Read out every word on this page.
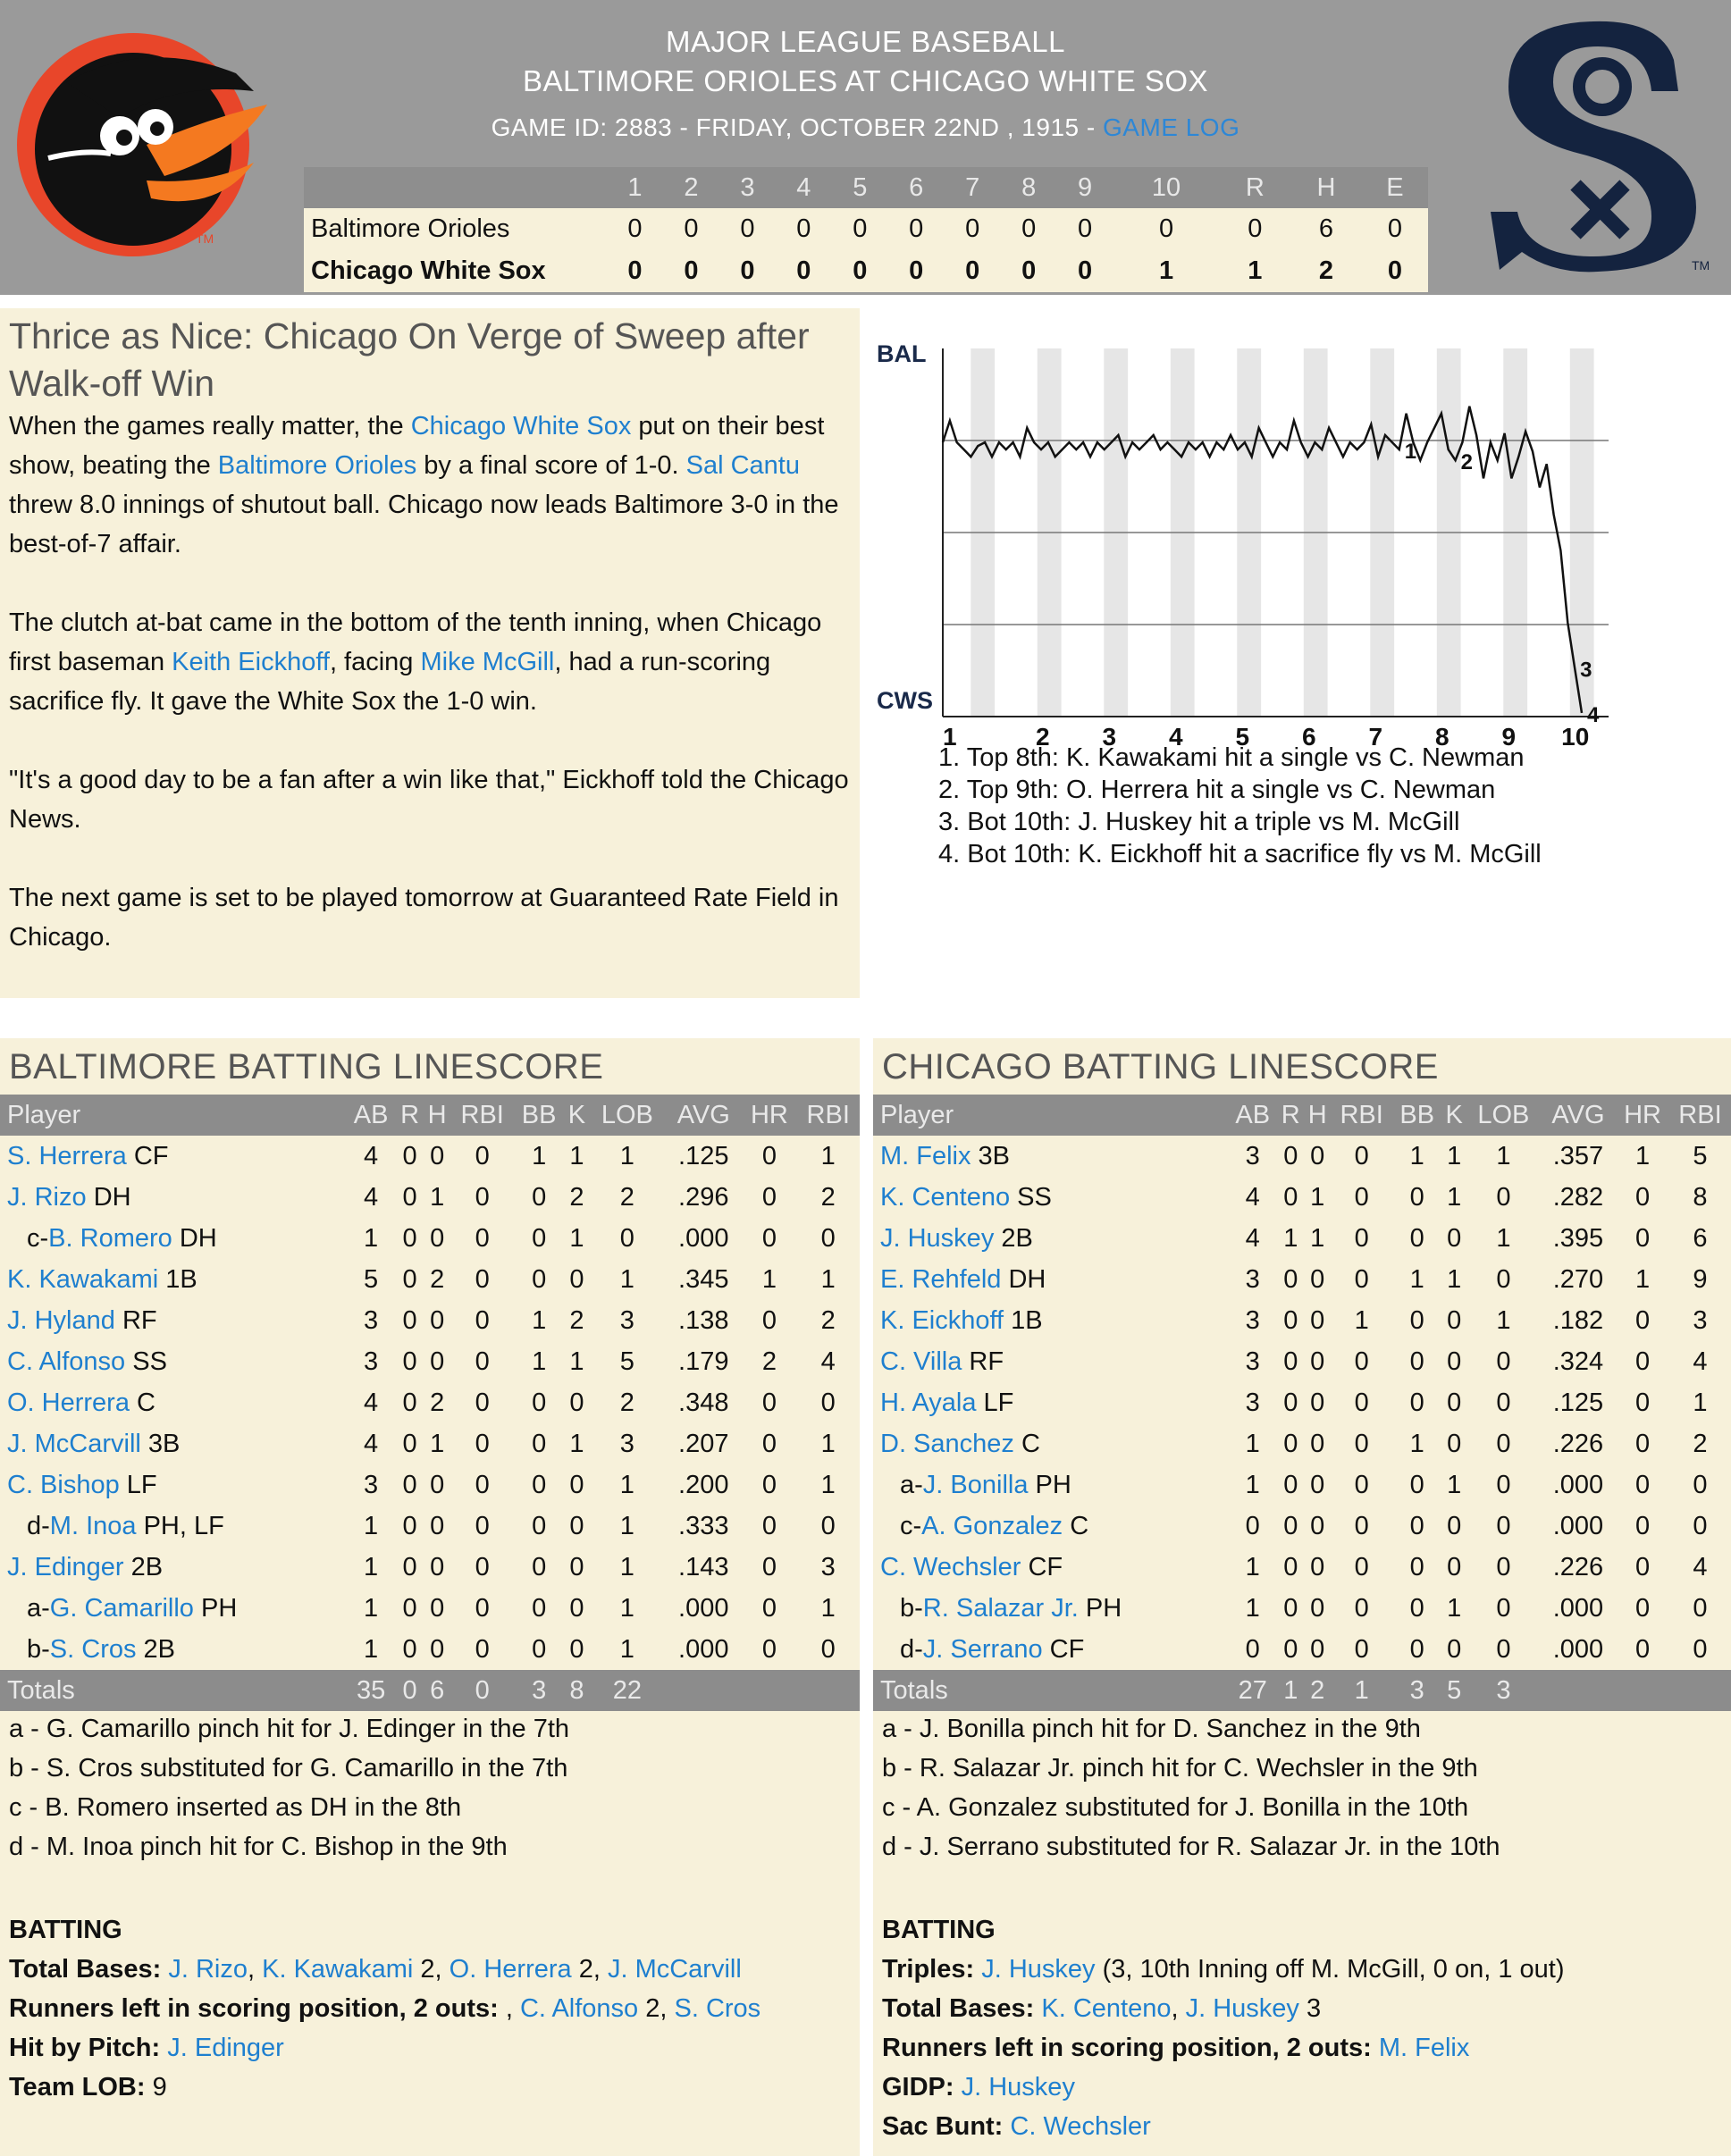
TM
MAJOR LEAGUE BASEBALL
BALTIMORE ORIOLES AT CHICAGO WHITE SOX
GAME ID: 2883 - FRIDAY, OCTOBER 22ND , 1915 - GAME LOG
	1	2	3	4	5	6	7	8	9	10	R	H	E
Baltimore Orioles	0	0	0	0	0	0	0	0	0	0	0	6	0
Chicago White Sox	0	0	0	0	0	0	0	0	0	1	1	2	0	TM
Thrice as Nice: Chicago On Verge of Sweep after Walk-off Win

When the games really matter, the Chicago White Sox put on their best show, beating the Baltimore Orioles by a final score of 1-0. Sal Cantu threw 8.0 innings of shutout ball. Chicago now leads Baltimore 3-0 in the best-of-7 affair.

The clutch at-bat came in the bottom of the tenth inning, when Chicago first baseman Keith Eickhoff, facing Mike McGill, had a run-scoring sacrifice fly. It gave the White Sox the 1-0 win.

"It's a good day to be a fan after a win like that," Eickhoff told the Chicago News.

The next game is set to be played tomorrow at Guaranteed Rate Field in Chicago.

BAL
CWS
1	2 3 4 5 6 7 8 9 10
1 2
3
4
1. Top 8th: K. Kawakami hit a single vs C. Newman
2. Top 9th: O. Herrera hit a single vs C. Newman
3. Bot 10th: J. Huskey hit a triple vs M. McGill
4. Bot 10th: K. Eickhoff hit a sacrifice fly vs M. McGill
BALTIMORE BATTING LINESCORE
Player	AB	R	H	RBI	BB	K	LOB	AVG	HR	RBI
S. Herrera CF	4	0	0	0	1	1	1	.125	0	1
J. Rizo DH	4	0	1	0	0	2	2	.296	0	2
c-B. Romero DH	1	0	0	0	0	1	0	.000	0	0
K. Kawakami 1B	5	0	2	0	0	0	1	.345	1	1
J. Hyland RF	3	0	0	0	1	2	3	.138	0	2
C. Alfonso SS	3	0	0	0	1	1	5	.179	2	4
O. Herrera C	4	0	2	0	0	0	2	.348	0	0
J. McCarvill 3B	4	0	1	0	0	1	3	.207	0	1
C. Bishop LF	3	0	0	0	0	0	1	.200	0	1
d-M. Inoa PH, LF	1	0	0	0	0	0	1	.333	0	0
J. Edinger 2B	1	0	0	0	0	0	1	.143	0	3
a-G. Camarillo PH	1	0	0	0	0	0	1	.000	0	1
b-S. Cros 2B	1	0	0	0	0	0	1	.000	0	0
Totals	35	0	6	0	3	8	22			
a - G. Camarillo pinch hit for J. Edinger in the 7th
b - S. Cros substituted for G. Camarillo in the 7th
c - B. Romero inserted as DH in the 8th
d - M. Inoa pinch hit for C. Bishop in the 9th
BATTING
Total Bases: J. Rizo, K. Kawakami 2, O. Herrera 2, J. McCarvill
Runners left in scoring position, 2 outs: , C. Alfonso 2, S. Cros
Hit by Pitch: J. Edinger
Team LOB: 9
CHICAGO BATTING LINESCORE
Player	AB	R	H	RBI	BB	K	LOB	AVG	HR	RBI
M. Felix 3B	3	0	0	0	1	1	1	.357	1	5
K. Centeno SS	4	0	1	0	0	1	0	.282	0	8
J. Huskey 2B	4	1	1	0	0	0	1	.395	0	6
E. Rehfeld DH	3	0	0	0	1	1	0	.270	1	9
K. Eickhoff 1B	3	0	0	1	0	0	1	.182	0	3
C. Villa RF	3	0	0	0	0	0	0	.324	0	4
H. Ayala LF	3	0	0	0	0	0	0	.125	0	1
D. Sanchez C	1	0	0	0	1	0	0	.226	0	2
a-J. Bonilla PH	1	0	0	0	0	1	0	.000	0	0
c-A. Gonzalez C	0	0	0	0	0	0	0	.000	0	0
C. Wechsler CF	1	0	0	0	0	0	0	.226	0	4
b-R. Salazar Jr. PH	1	0	0	0	0	1	0	.000	0	0
d-J. Serrano CF	0	0	0	0	0	0	0	.000	0	0
Totals	27	1	2	1	3	5	3			
a - J. Bonilla pinch hit for D. Sanchez in the 9th
b - R. Salazar Jr. pinch hit for C. Wechsler in the 9th
c - A. Gonzalez substituted for J. Bonilla in the 10th
d - J. Serrano substituted for R. Salazar Jr. in the 10th
BATTING
Triples: J. Huskey (3, 10th Inning off M. McGill, 0 on, 1 out)
Total Bases: K. Centeno, J. Huskey 3
Runners left in scoring position, 2 outs: M. Felix
GIDP: J. Huskey
Sac Bunt: C. Wechsler
